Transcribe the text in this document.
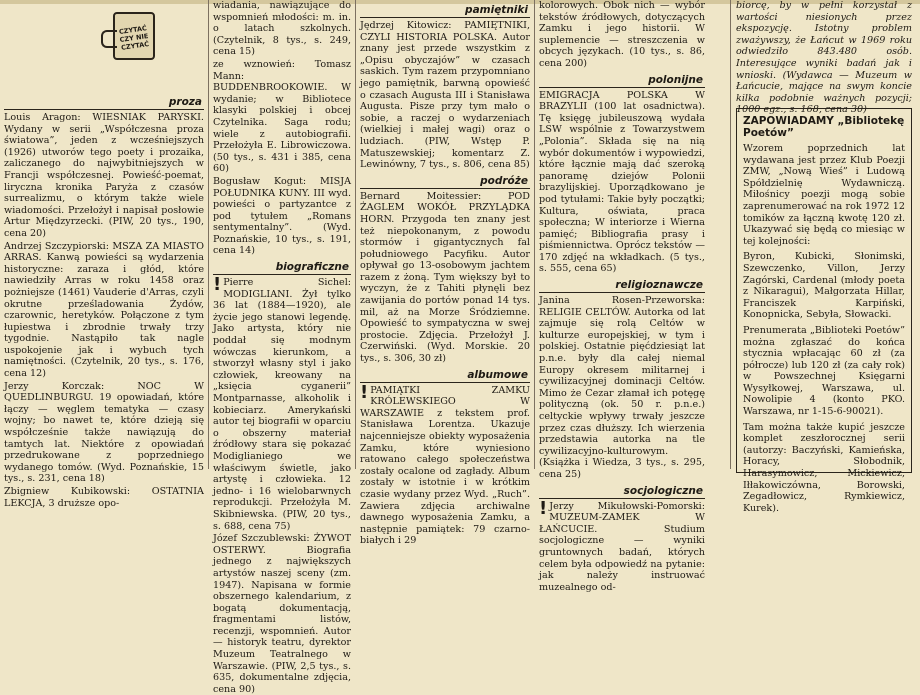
CZYTAĆ CZY NIE CZYTAĆ
proza

Louis Aragon: WIESNIAK PARYSKI. Wydany w serii „Współczesna proza światowa”, jeden z wcześniejszych (1926) utworów tego poety i prozaika, zaliczanego do najwybitniejszych w Francji współczesnej. Powieść-poemat, liryczna kronika Paryża z czasów surrealizmu, o którym także wiele wiadomości. Przełożył i napisał posłowie Artur Międzyrzecki. (PIW, 20 tys., 190, cena 20)

Andrzej Szczypiorski: MSZA ZA MIASTO ARRAS. Kanwą powieści są wydarzenia historyczne: zaraza i głód, które nawiedziły Arras w roku 1458 oraz pożniejsze (1461) Vauderie d'Arras, czyli okrutne prześladowania Żydów, czarownic, heretyków. Połączone z tym łupiestwa i zbrodnie trwały trzy tygodnie. Nastąpiło tak nagle uspokojenie jak i wybuch tych namiętności. (Czytelnik, 20 tys., s. 176, cena 12)

Jerzy Korczak: NOC W QUEDLINBURGU. 19 opowiadań, które łączy — węglem tematyka — czasy wojny; bo nawet te, które dzieją się współcześnie także nawiązują do tamtych lat. Niektóre z opowiadań przedrukowane z poprzedniego wydanego tomów. (Wyd. Poznańskie, 15 tys., s. 231, cena 18)

Zbigniew Kubikowski: OSTATNIA LEKCJA, 3 druższe opo-

wiadania, nawiązujące do wspomnień młodości: m. in. o latach szkolnych. (Czytelnik, 8 tys., s. 249, cena 15)

ze wznowień: Tomasz Mann: BUDDENBROOKOWIE. W wydanie; w Bibliotece klasyki polskiej i obcej Czytelnika. Saga rodu; wiele z autobiografii. Przełożyła E. Librowiczowa. (50 tys., s. 431 i 385, cena 60)

Bogusław Kogut: MISJA POŁUDNIKA KUNY. III wyd. powieści o partyzantce z pod tytułem „Romans sentymentalny”. (Wyd. Poznańskie, 10 tys., s. 191, cena 14)

biograficzne

! Pierre Sichel: MODIGLIANI. Żył tylko 36 lat (1884—1920), ale życie jego stanowi legendę. Jako artysta, który nie poddał się modnym wówczas kierunkom, a stworzył własny styl i jako człowiek, kreowany na „księcia cyganerii” Montparnasse, alkoholik i kobieciarz. Amerykański autor tej biografii w oparciu o obszerny materiał źródłowy stara się pokazać Modiglianiego we właściwym świetle, jako artystę i człowieka. 12 jedno- i 16 wielobarwnych reprodukcji. Przełożyła M. Skibniewska. (PIW, 20 tys., s. 688, cena 75)

Józef Szczublewski: ŻYWOT OSTERWY. Biografia jednego z największych artystów naszej sceny (zm. 1947). Napisana w formie obszernego kalendarium, z bogatą dokumentacją, fragmentami listów, recenzji, wspomnień. Autor — historyk teatru, dyrektor Muzeum Teatralnego w Warszawie. (PIW, 2,5 tys., s. 635, dokumentalne zdjęcia, cena 90)

pamiętniki

Jędrzej Kitowicz: PAMIĘTNIKI, CZYLI HISTORIA POLSKA. Autor znany jest przede wszystkim z „Opisu obyczajów” w czasach saskich. Tym razem przypomniano jego pamiętnik, barwną opowieść o czasach Augusta III i Stanisława Augusta. Pisze przy tym mało o sobie, a raczej o wydarzeniach (wielkiej i małej wagi) oraz o ludziach. (PIW, Wstęp P. Matuszewskiej; komentarz Z. Lewinówny, 7 tys., s. 806, cena 85)

podróże

Bernard Moitessier: POD ŻAGLEM WOKÓŁ PRZYLĄDKA HORN. Przygoda ten znany jest też niepokonanym, z powodu stormów i gigantycznych fal południowego Pacyfiku. Autor opływał go 13-osobowym jachtem razem z żoną. Tym większy był to wyczyn, że z Tahiti płynęli bez zawijania do portów ponad 14 tys. mil, aż na Morze Śródziemne. Opowieść to sympatyczna w swej prostocie. Zdjęcia. Przełożył J. Czerwiński. (Wyd. Morskie. 20 tys., s. 306, 30 zł)

albumowe

! PAMIĄTKI ZAMKU KRÓLEWSKIEGO W WARSZAWIE z tekstem prof. Stanisława Lorentza. Ukazuje najcenniejsze obiekty wyposażenia Zamku, które wyniesiono ratowano całego społeczeństwa zostały ocalone od zagłady. Album zostały w istotnie i w krótkim czasie wydany przez Wyd. „Ruch”. Zawiera zdjęcia archiwalne dawnego wyposażenia Zamku, a następnie pamiątek: 79 czarno-białych i 29

kolorowych. Obok nich — wybór tekstów źródłowych, dotyczących Zamku i jego historii. W suplemencie — streszczenia w obcych językach. (10 tys., s. 86, cena 200)

polonijne

EMIGRACJA POLSKA W BRAZYLII (100 lat osadnictwa). Tę księgę jubileuszową wydała LSW wspólnie z Towarzystwem „Polonia”. Składa się na nią wybór dokumentów i wypowiedzi, które łącznie mają dać szeroką panoramę dziejów Polonii brazylijskiej. Uporządkowano je pod tytułami: Takie były początki; Kultura, oświata, praca społeczna; W interiorze i Wierna pamięć; Bibliografia prasy i piśmiennictwa. Oprócz tekstów — 170 zdjęć na wkładkach. (5 tys., s. 555, cena 65)

religioznawcze

Janina Rosen-Przeworska: RELIGIE CELTÓW. Autorka od lat zajmuje się rolą Celtów w kulturze europejskiej, w tym i polskiej. Ostatnie pięćdziesiąt lat p.n.e. były dla całej niemal Europy okresem militarnej i cywilizacyjnej dominacji Celtów. Mimo że Cezar złamał ich potęgę polityczną (ok. 50 r. p.n.e.) celtyckie wpływy trwały jeszcze przez czas dłuższy. Ich wierzenia przedstawia autorka na tle cywilizacyjno-kulturowym. (Książka i Wiedza, 3 tys., s. 295, cena 25)

socjologiczne

! Jerzy Mikułowski-Pomorski: MUZEUM-ZAMEK W ŁAŃCUCIE. Studium socjologiczne — wyniki gruntownych badań, których celem była odpowiedź na pytanie: jak należy instruować muzealnego od-

biorcę, by w pełni korzystał z wartości niesionych przez ekspozycję. Istotny problem zważywszy, że Łańcut w 1969 roku odwiedziło 843.480 osób. Interesujące wyniki badań jak i wnioski. (Wydawca — Muzeum w Łańcucie, mające na swym koncie kilka podobnie ważnych pozycji; 1000 egz., s. 168, cena 30)

ZAPOWIADAMY „Bibliotekę Poetów”

Wzorem poprzednich lat wydawana jest przez Klub Poezji ZMW, „Nową Wieś” i Ludową Spółdzielnię Wydawniczą. Miłośnicy poezji mogą sobie zaprenumerować na rok 1972 12 tomików za łączną kwotę 120 zł. Ukazywać się będą co miesiąc w tej kolejności:

Byron, Kubicki, Słonimski, Szewczenko, Villon, Jerzy Zagórski, Cardenal (młody poeta z Nikaragui), Małgorzata Hillar, Franciszek Karpiński, Konopnicka, Sebyła, Słowacki.

Prenumerata „Biblioteki Poetów” można zgłaszać do końca stycznia wpłacając 60 zł (za półrocze) lub 120 zł (za cały rok) w Powszechnej Księgarni Wysyłkowej, Warszawa, ul. Nowolipie 4 (konto PKO. Warszawa, nr 1-15-6-90021).

Tam można także kupić jeszcze komplet zeszłorocznej serii (autorzy: Baczyński, Kamieńska, Horacy, Słobodnik, Harasymowicz, Mickiewicz, Iłłakowiczówna, Borowski, Zegadłowicz, Rymkiewicz, Kurek).
